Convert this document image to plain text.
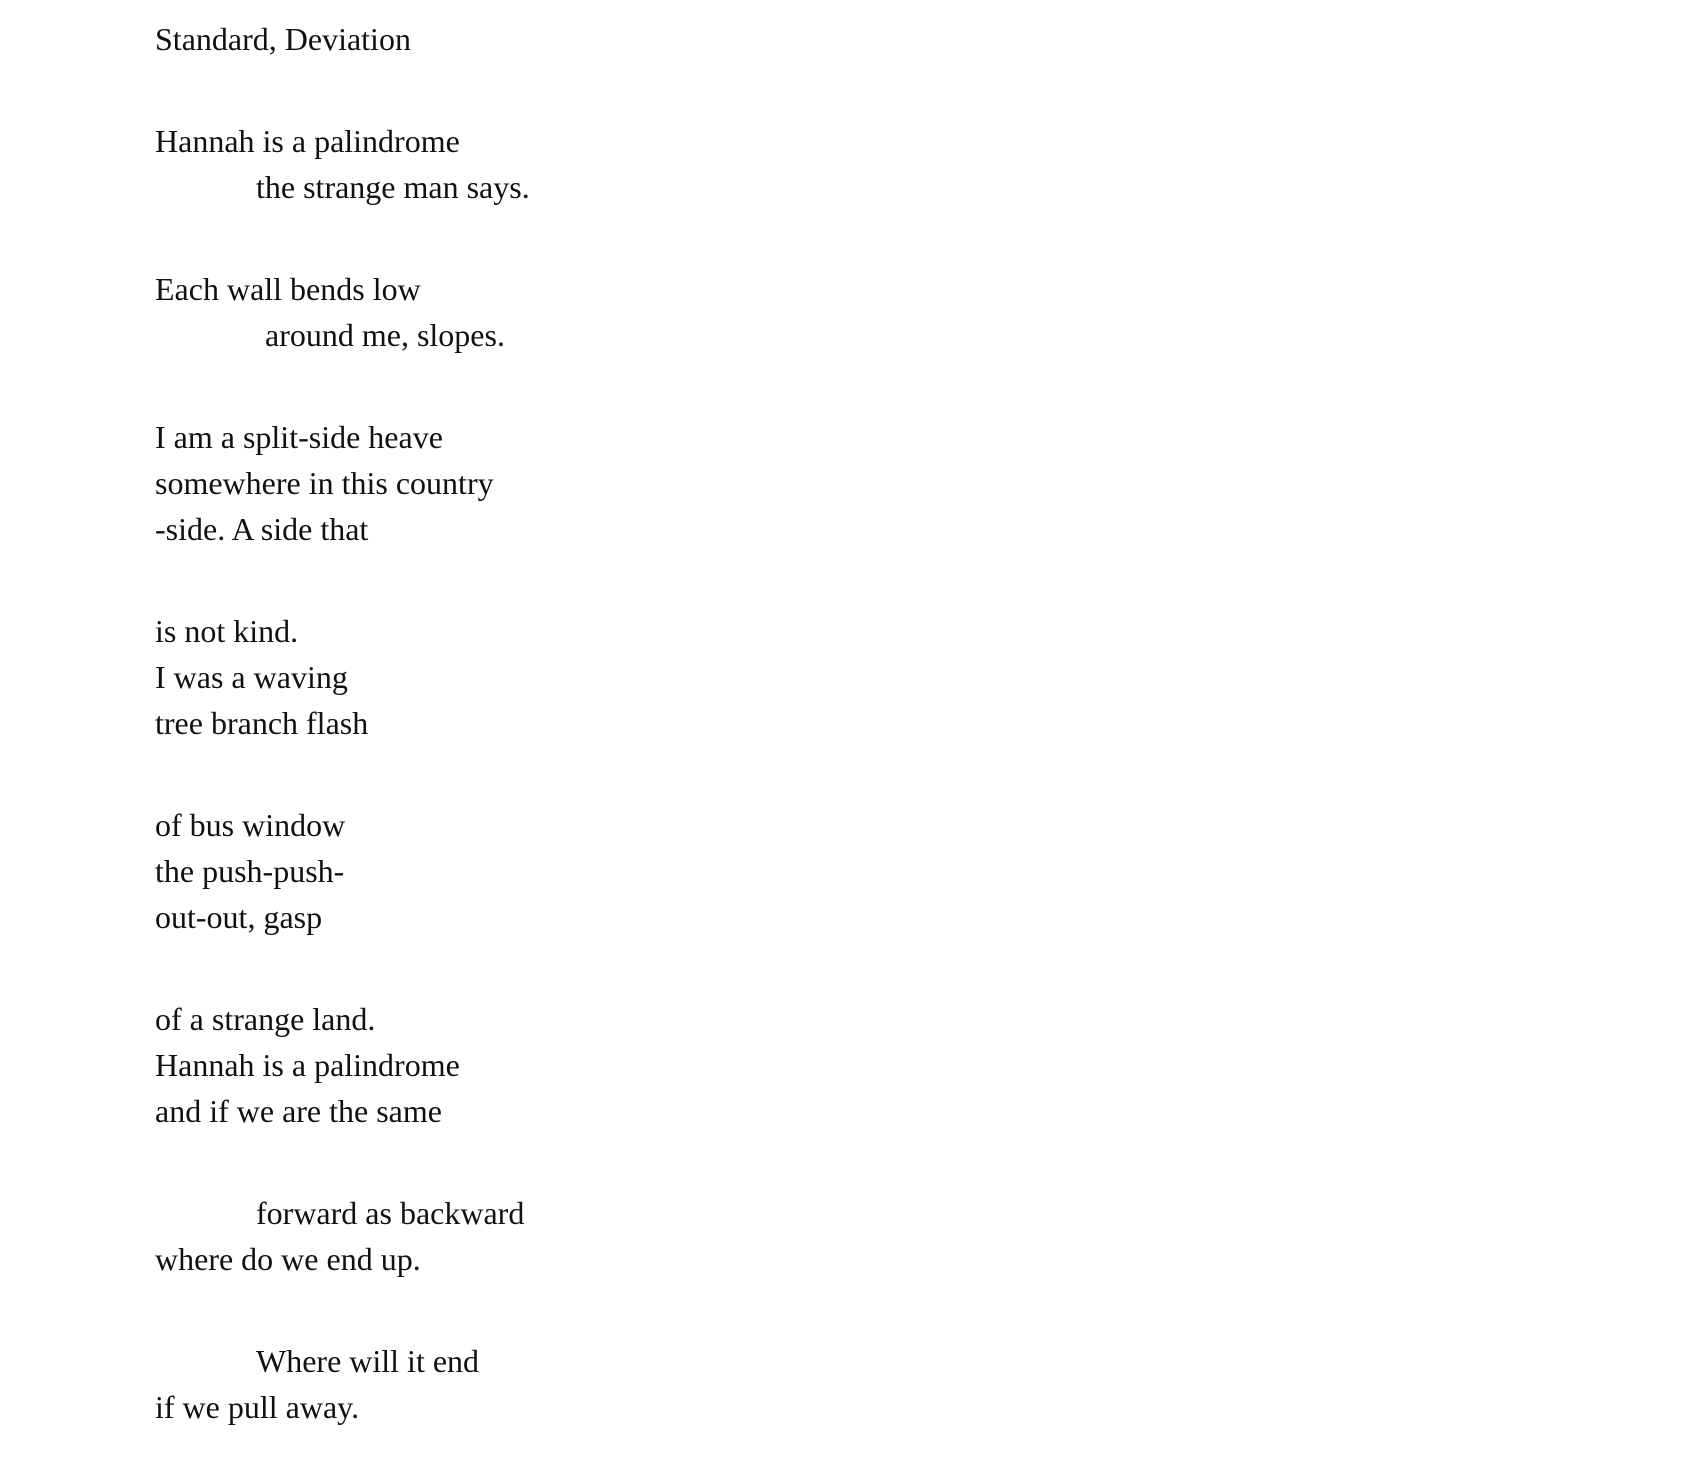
Standard, Deviation
Hannah is a palindrome
the strange man says.
Each wall bends low
around me, slopes.
I am a split-side heave
somewhere in this country
-side. A side that
is not kind.
I was a waving
tree branch flash
of bus window
the push-push-
out-out, gasp
of a strange land.
Hannah is a palindrome
and if we are the same
forward as backward
where do we end up.
Where will it end
if we pull away.
